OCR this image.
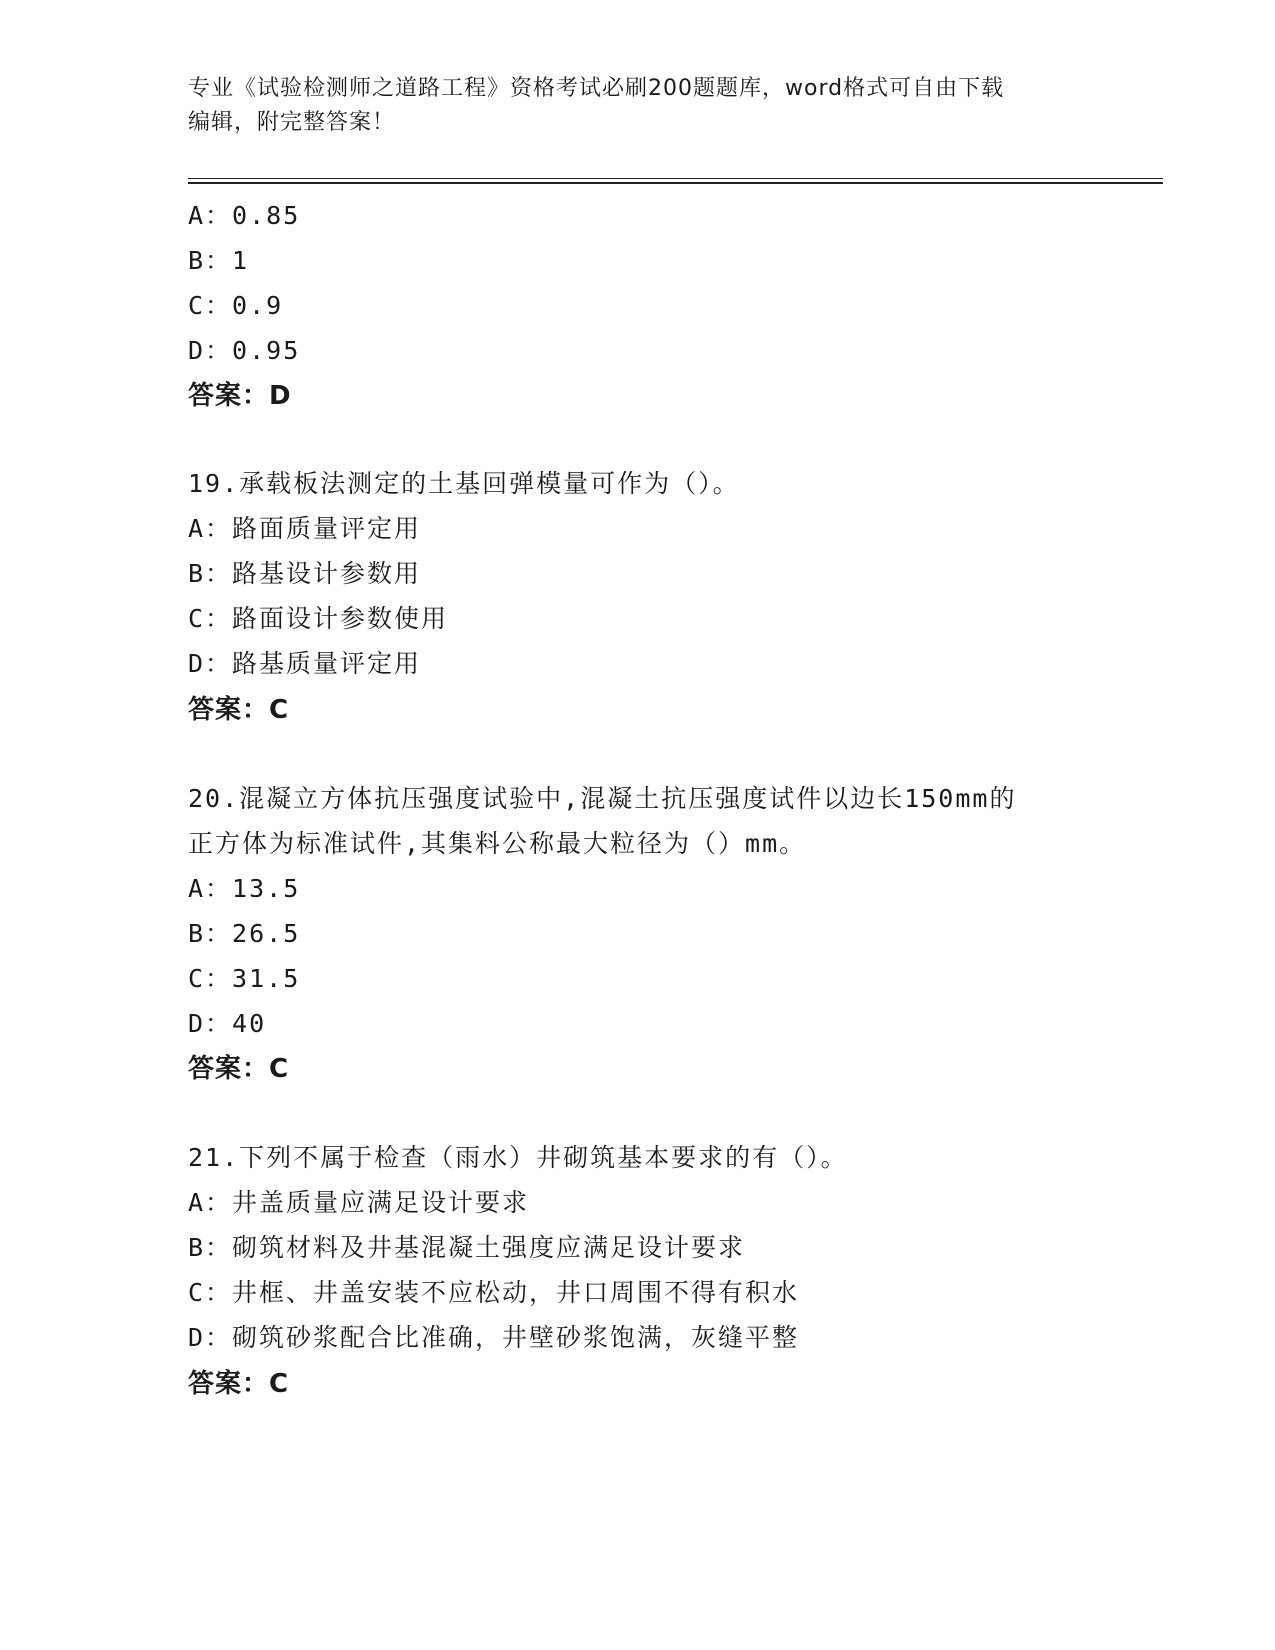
专业《试验检测师之道路工程》资格考试必刷200题题库，word格式可自由下载
编辑，附完整答案！
A：0.85
B：1
C：0.9
D：0.95
答案：D
19.承载板法测定的土基回弹模量可作为（）。
A：路面质量评定用
B：路基设计参数用
C：路面设计参数使用
D：路基质量评定用
答案：C
20.混凝立方体抗压强度试验中,混凝土抗压强度试件以边长150mm的
正方体为标准试件,其集料公称最大粒径为（）mm。
A：13.5
B：26.5
C：31.5
D：40
答案：C
21.下列不属于检查（雨水）井砌筑基本要求的有（）。
A：井盖质量应满足设计要求
B：砌筑材料及井基混凝土强度应满足设计要求
C：井框、井盖安装不应松动，井口周围不得有积水
D：砌筑砂浆配合比准确，井壁砂浆饱满，灰缝平整
答案：C
